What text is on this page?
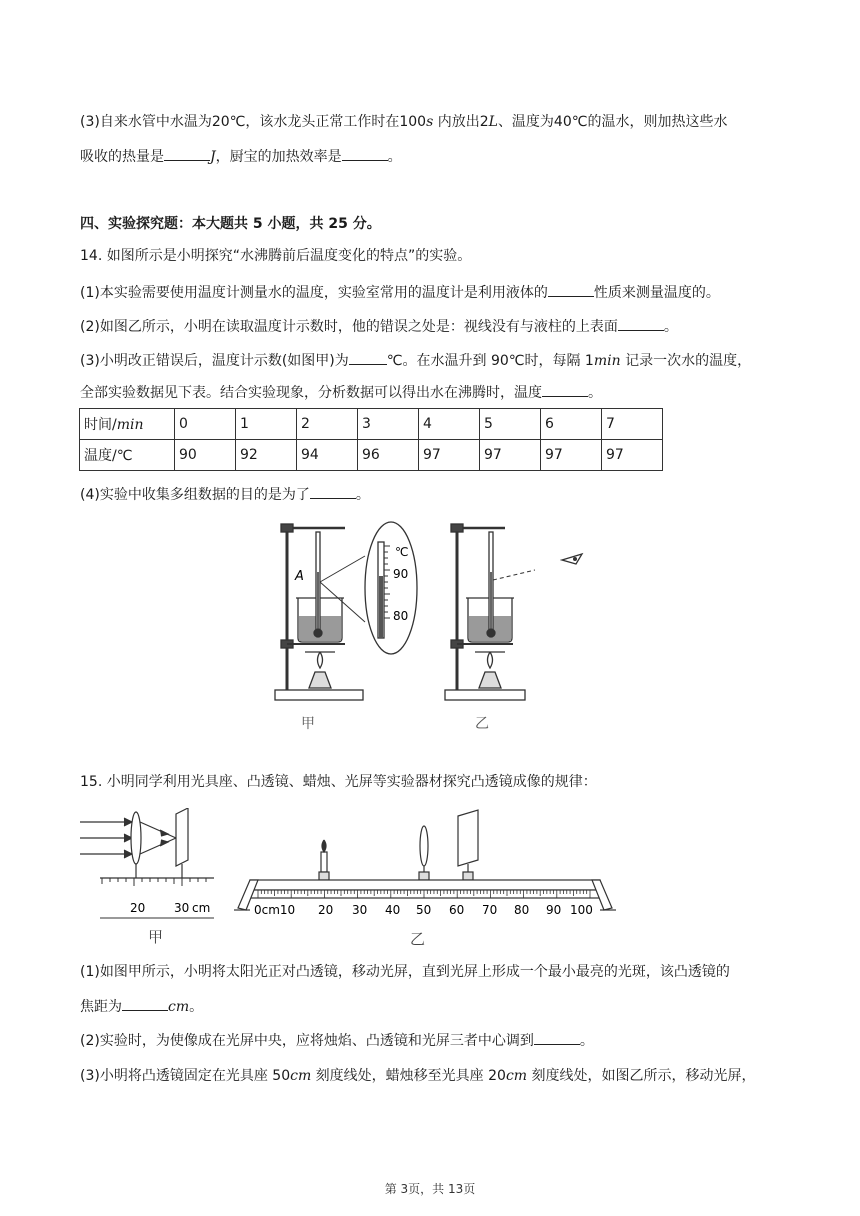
(3)自来水管中水温为20℃，该水龙头正常工作时在100s 内放出2L、温度为40℃的温水，则加热这些水
吸收的热量是	J，厨宝的加热效率是	。
四、实验探究题：本大题共 5 小题，共 25 分。
14. 如图所示是小明探究“水沸腾前后温度变化的特点”的实验。
(1)本实验需要使用温度计测量水的温度，实验室常用的温度计是利用液体的	性质来测量温度的。
(2)如图乙所示，小明在读取温度计示数时，他的错误之处是：视线没有与液柱的上表面	。
(3)小明改正错误后，温度计示数(如图甲)为	℃。在水温升到 90℃时，每隔 1min 记录一次水的温度，
全部实验数据见下表。结合实验现象，分析数据可以得出水在沸腾时，温度	。
时间/min	0	1	2	3	4	5	6	7
温度/℃	90	92	94	96	97	97	97	97
(4)实验中收集多组数据的目的是为了	。
℃
90
80
A
甲	乙
15. 小明同学利用光具座、凸透镜、蜡烛、光屏等实验器材探究凸透镜成像的规律：
20 30 cm
甲
0cm10 20 30 40 50 60 70 80 90 100
乙
(1)如图甲所示，小明将太阳光正对凸透镜，移动光屏，直到光屏上形成一个最小最亮的光斑，该凸透镜的
焦距为	cm。
(2)实验时，为使像成在光屏中央，应将烛焰、凸透镜和光屏三者中心调到	。
(3)小明将凸透镜固定在光具座 50cm 刻度线处，蜡烛移至光具座 20cm 刻度线处，如图乙所示，移动光屏，
第 3页，共 13页
